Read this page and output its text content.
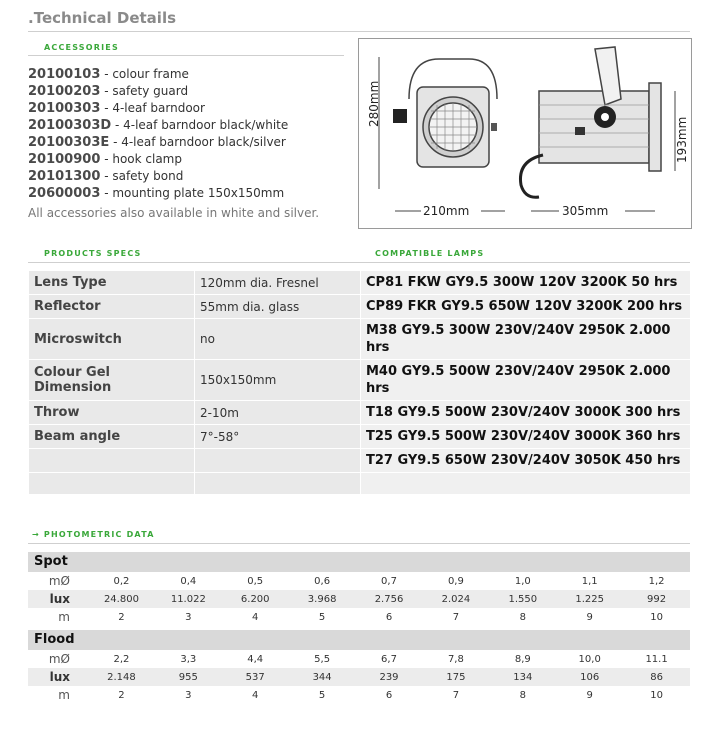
.Technical Details
ACCESSORIES
20100103 - colour frame
20100203 - safety guard
20100303 - 4-leaf barndoor
20100303D - 4-leaf barndoor black/white
20100303E - 4-leaf barndoor black/silver
20100900 - hook clamp
20101300 - safety bond
20600003 - mounting plate 150x150mm
All accessories also available in white and silver.
280mm
193mm
210mm	305mm
PRODUCTS SPECS	COMPATIBLE LAMPS
Lens Type	120mm dia. Fresnel	CP81 FKW GY9.5 300W 120V 3200K 50 hrs
Reflector	55mm dia. glass	CP89 FKR GY9.5 650W 120V 3200K 200 hrs
Microswitch	no	M38 GY9.5 300W 230V/240V 2950K 2.000 hrs
Colour Gel Dimension	150x150mm	M40 GY9.5 500W 230V/240V 2950K 2.000 hrs
Throw	2-10m	T18 GY9.5 500W 230V/240V 3000K 300 hrs
Beam angle	7°-58°	T25 GY9.5 500W 230V/240V 3000K 360 hrs
		T27 GY9.5 650W 230V/240V 3050K 450 hrs

→ PHOTOMETRIC DATA
Spot
mØ	0,2	0,4	0,5	0,6	0,7	0,9	1,0	1,1	1,2
lux	24.800	11.022	6.200	3.968	2.756	2.024	1.550	1.225	992
m	2	3	4	5	6	7	8	9	10
Flood
mØ	2,2	3,3	4,4	5,5	6,7	7,8	8,9	10,0	11.1
lux	2.148	955	537	344	239	175	134	106	86
m	2	3	4	5	6	7	8	9	10
